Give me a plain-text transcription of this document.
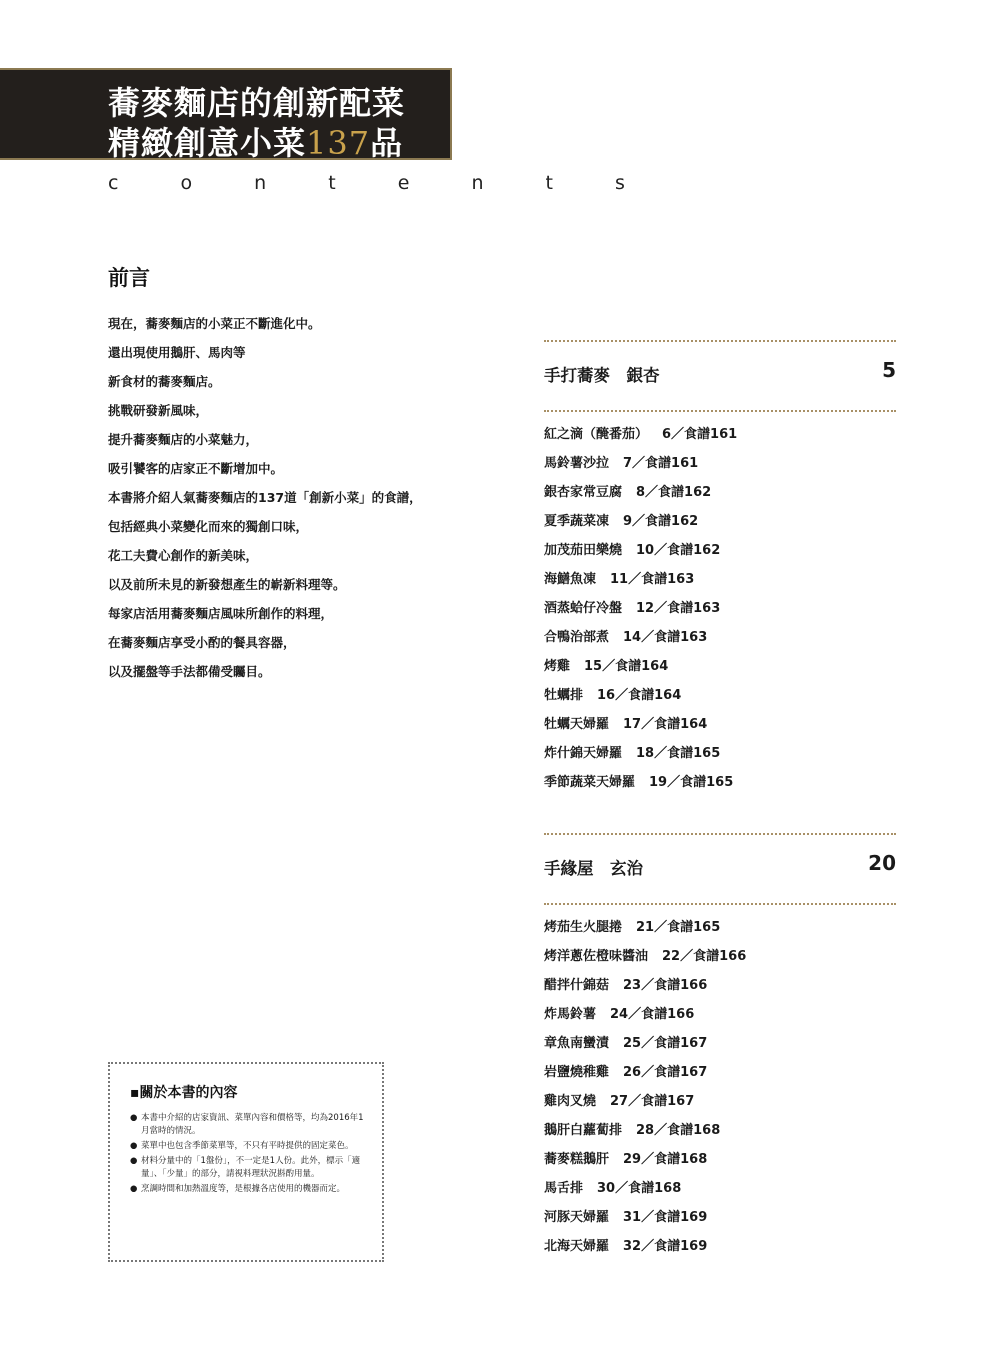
蕎麥麵店的創新配菜
精緻創意小菜137品
c o n t e n t s
前言
現在，蕎麥麵店的小菜正不斷進化中。
還出現使用鵝肝、馬肉等
新食材的蕎麥麵店。
挑戰研發新風味，
提升蕎麥麵店的小菜魅力，
吸引饕客的店家正不斷增加中。
本書將介紹人氣蕎麥麵店的137道「創新小菜」的食譜，
包括經典小菜變化而來的獨創口味，
花工夫費心創作的新美味，
以及前所未見的新發想產生的嶄新料理等。
每家店活用蕎麥麵店風味所創作的料理，
在蕎麥麵店享受小酌的餐具容器，
以及擺盤等手法都備受矚目。
▪關於本書的內容
● 本書中介紹的店家資訊、菜單內容和價格等，均為2016年1月當時的情況。
● 菜單中也包含季節菜單等，不只有平時提供的固定菜色。
● 材料分量中的「1盤份」，不一定是1人份。此外，標示「適量」、「少量」的部分，請視料理狀況斟酌用量。
● 烹調時間和加熱溫度等，是根據各店使用的機器而定。
手打蕎麥　銀杏	5
紅之滴（醃番茄） 6／食譜161
馬鈴薯沙拉 7／食譜161
銀杏家常豆腐 8／食譜162
夏季蔬菜凍 9／食譜162
加茂茄田樂燒 10／食譜162
海鱔魚凍 11／食譜163
酒蒸蛤仔冷盤 12／食譜163
合鴨治部煮 14／食譜163
烤雞 15／食譜164
牡蠣排 16／食譜164
牡蠣天婦羅 17／食譜164
炸什錦天婦羅 18／食譜165
季節蔬菜天婦羅 19／食譜165
手緣屋　玄治	20
烤茄生火腿捲 21／食譜165
烤洋蔥佐橙味醬油 22／食譜166
醋拌什錦菇 23／食譜166
炸馬鈴薯 24／食譜166
章魚南蠻漬 25／食譜167
岩鹽燒稚雞 26／食譜167
雞肉叉燒 27／食譜167
鵝肝白蘿蔔排 28／食譜168
蕎麥糕鵝肝 29／食譜168
馬舌排 30／食譜168
河豚天婦羅 31／食譜169
北海天婦羅 32／食譜169
